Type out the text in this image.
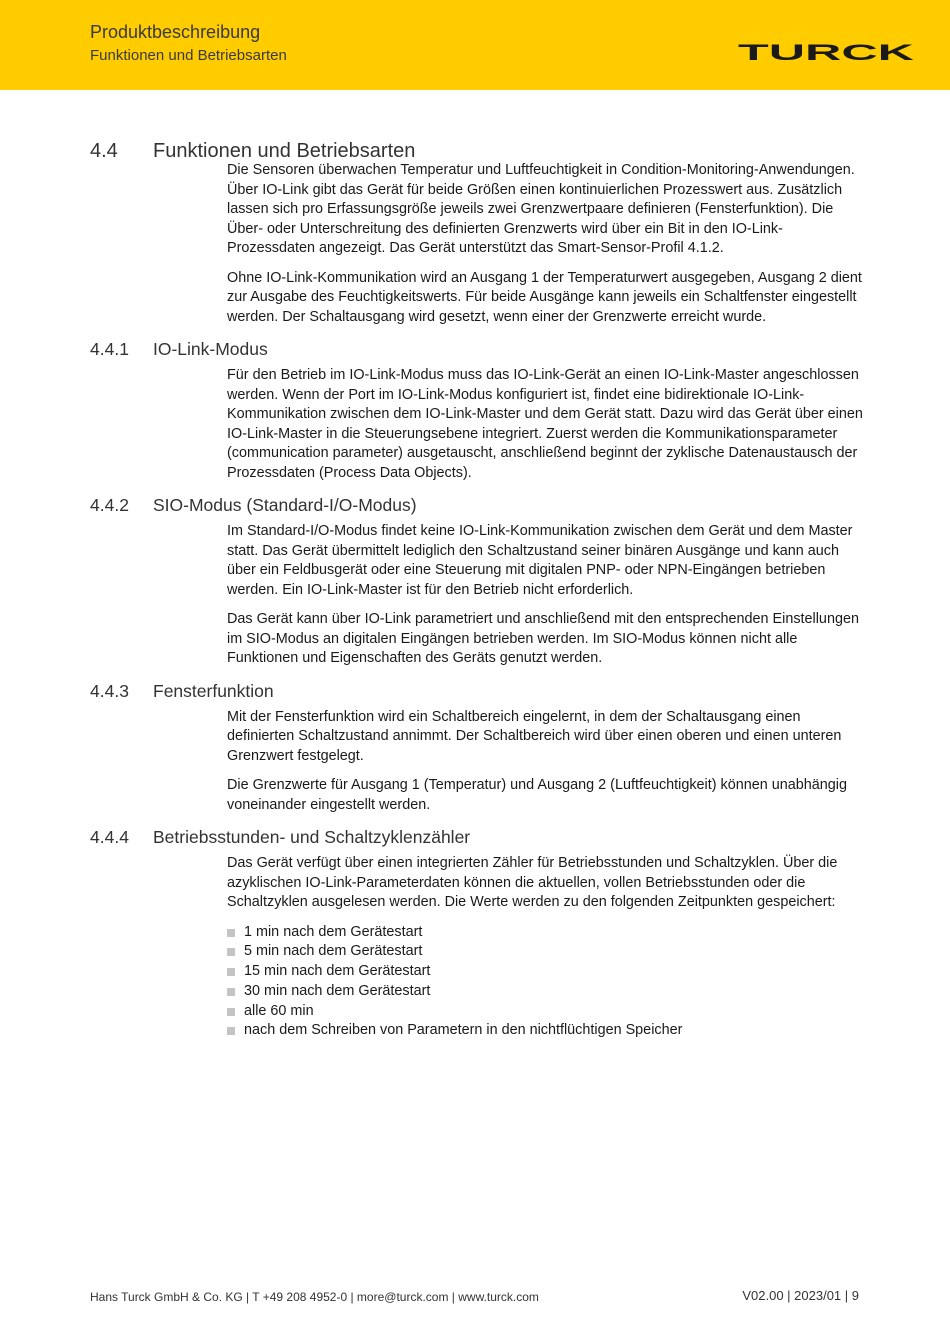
Produktbeschreibung
Funktionen und Betriebsarten	TURCK
4.4	Funktionen und Betriebsarten

Die Sensoren überwachen Temperatur und Luftfeuchtigkeit in Condition-Monitoring-Anwendungen. Über IO-Link gibt das Gerät für beide Größen einen kontinuierlichen Prozesswert aus. Zusätzlich lassen sich pro Erfassungsgröße jeweils zwei Grenzwertpaare definieren (Fensterfunktion). Die Über- oder Unterschreitung des definierten Grenzwerts wird über ein Bit in den IO-Link-Prozessdaten angezeigt. Das Gerät unterstützt das Smart-Sensor-Profil 4.1.2.

Ohne IO-Link-Kommunikation wird an Ausgang 1 der Temperaturwert ausgegeben, Ausgang 2 dient zur Ausgabe des Feuchtigkeitswerts. Für beide Ausgänge kann jeweils ein Schaltfenster eingestellt werden. Der Schaltausgang wird gesetzt, wenn einer der Grenzwerte erreicht wurde.

4.4.1	IO-Link-Modus

Für den Betrieb im IO-Link-Modus muss das IO-Link-Gerät an einen IO-Link-Master angeschlossen werden. Wenn der Port im IO-Link-Modus konfiguriert ist, findet eine bidirektionale IO-Link-Kommunikation zwischen dem IO-Link-Master und dem Gerät statt. Dazu wird das Gerät über einen IO-Link-Master in die Steuerungsebene integriert. Zuerst werden die Kommunikationsparameter (communication parameter) ausgetauscht, anschließend beginnt der zyklische Datenaustausch der Prozessdaten (Process Data Objects).

4.4.2	SIO-Modus (Standard-I/O-Modus)

Im Standard-I/O-Modus findet keine IO-Link-Kommunikation zwischen dem Gerät und dem Master statt. Das Gerät übermittelt lediglich den Schaltzustand seiner binären Ausgänge und kann auch über ein Feldbusgerät oder eine Steuerung mit digitalen PNP- oder NPN-Eingängen betrieben werden. Ein IO-Link-Master ist für den Betrieb nicht erforderlich.

Das Gerät kann über IO-Link parametriert und anschließend mit den entsprechenden Einstellungen im SIO-Modus an digitalen Eingängen betrieben werden. Im SIO-Modus können nicht alle Funktionen und Eigenschaften des Geräts genutzt werden.

4.4.3	Fensterfunktion

Mit der Fensterfunktion wird ein Schaltbereich eingelernt, in dem der Schaltausgang einen definierten Schaltzustand annimmt. Der Schaltbereich wird über einen oberen und einen unteren Grenzwert festgelegt.

Die Grenzwerte für Ausgang 1 (Temperatur) und Ausgang 2 (Luftfeuchtigkeit) können unabhängig voneinander eingestellt werden.

4.4.4	Betriebsstunden- und Schaltzyklenzähler

Das Gerät verfügt über einen integrierten Zähler für Betriebsstunden und Schaltzyklen. Über die azyklischen IO-Link-Parameterdaten können die aktuellen, vollen Betriebsstunden oder die Schaltzyklen ausgelesen werden. Die Werte werden zu den folgenden Zeitpunkten gespeichert:

1 min nach dem Gerätestart
5 min nach dem Gerätestart
15 min nach dem Gerätestart
30 min nach dem Gerätestart
alle 60 min
nach dem Schreiben von Parametern in den nichtflüchtigen Speicher
Hans Turck GmbH & Co. KG | T +49 208 4952-0 | more@turck.com | www.turck.com	V02.00 | 2023/01 | 9
